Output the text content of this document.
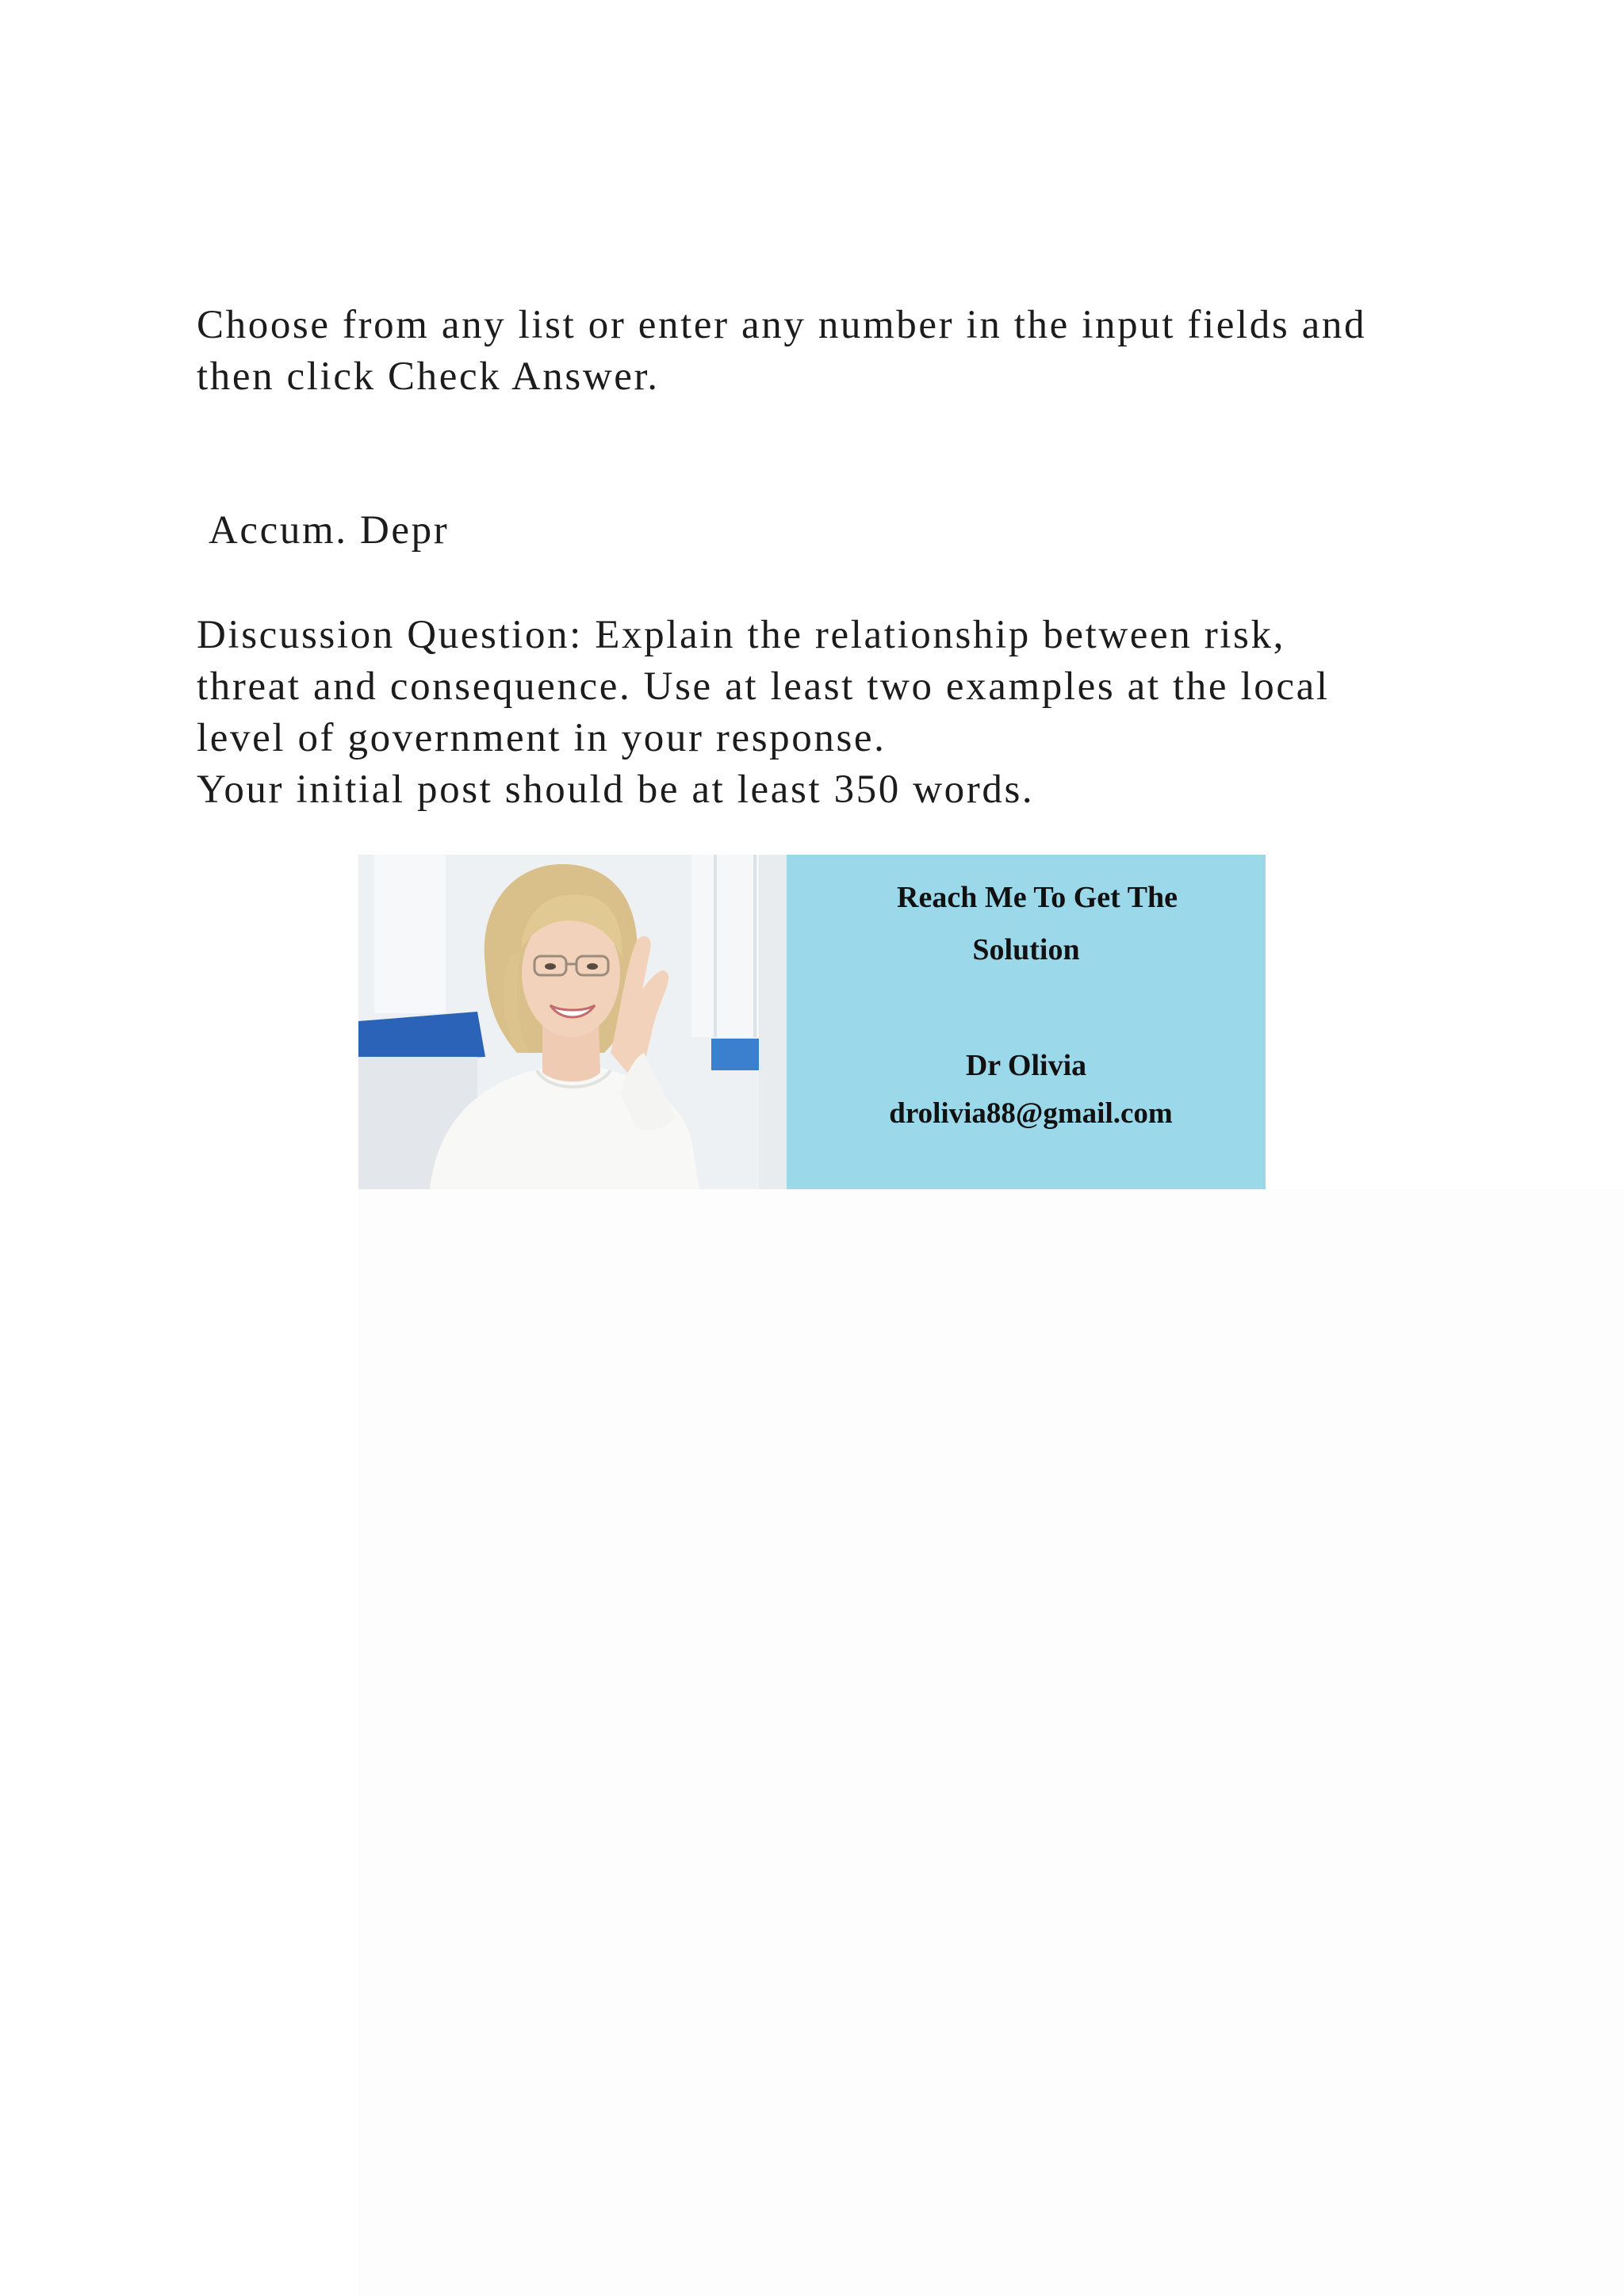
Choose from any list or enter any number in the input fields and
then click Check Answer.
Accum. Depr
Discussion Question: Explain the relationship between risk,
threat and consequence. Use at least two examples at the local
level of government in your response.
Your initial post should be at least 350 words.
Reach Me To Get The
Solution
Dr Olivia
drolivia88@gmail.com
